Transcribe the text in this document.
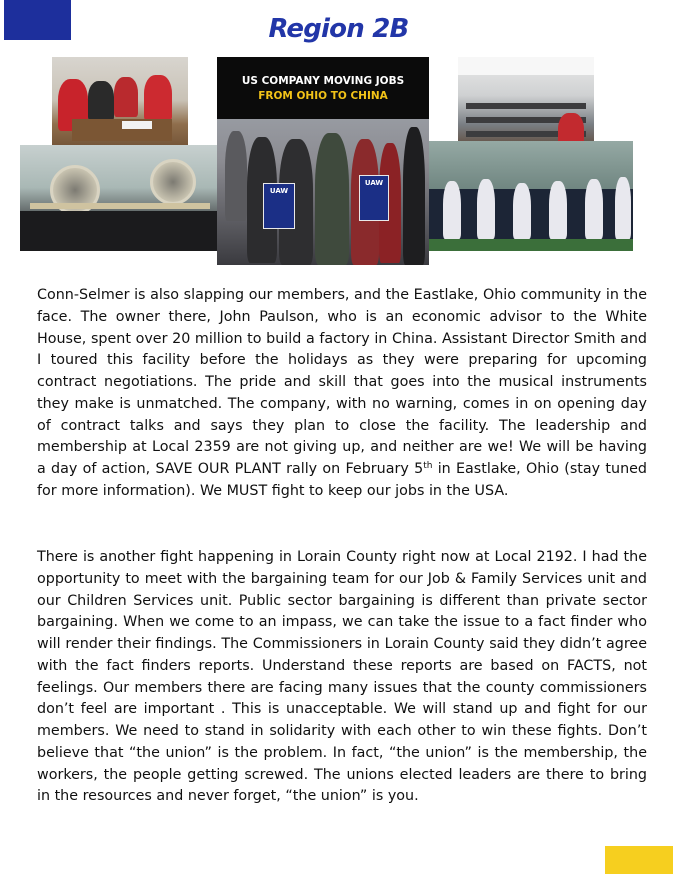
Region 2B
US COMPANY MOVING JOBS
FROM OHIO TO CHINA
UAW
UAW

Conn-Selmer is also slapping our members, and the Eastlake, Ohio community in the face. The owner there, John Paulson, who is an economic advisor to the White House, spent over 20 million to build a factory in China. Assistant Director Smith and I toured this facility before the holidays as they were preparing for upcoming contract negotiations. The pride and skill that goes into the musical instruments they make is unmatched. The company, with no warning, comes in on opening day of contract talks and says they plan to close the facility. The leadership and membership at Local 2359 are not giving up, and neither are we! We will be having a day of action, SAVE OUR PLANT rally on February 5th in Eastlake, Ohio (stay tuned for more information). We MUST fight to keep our jobs in the USA.

There is another fight happening in Lorain County right now at Local 2192. I had the opportunity to meet with the bargaining team for our Job & Family Services unit and our Children Services unit. Public sector bargaining is different than private sector bargaining. When we come to an impass, we can take the issue to a fact finder who will render their findings. The Commissioners in Lorain County said they didn’t agree with the fact finders reports. Understand these reports are based on FACTS, not feelings. Our members there are facing many issues that the county commissioners don’t feel are important . This is unacceptable. We will stand up and fight for our members. We need to stand in solidarity with each other to win these fights. Don’t believe that “the union” is the problem. In fact, “the union” is the membership, the workers, the people getting screwed. The unions elected leaders are there to bring in the resources and never forget, “the union” is you.
